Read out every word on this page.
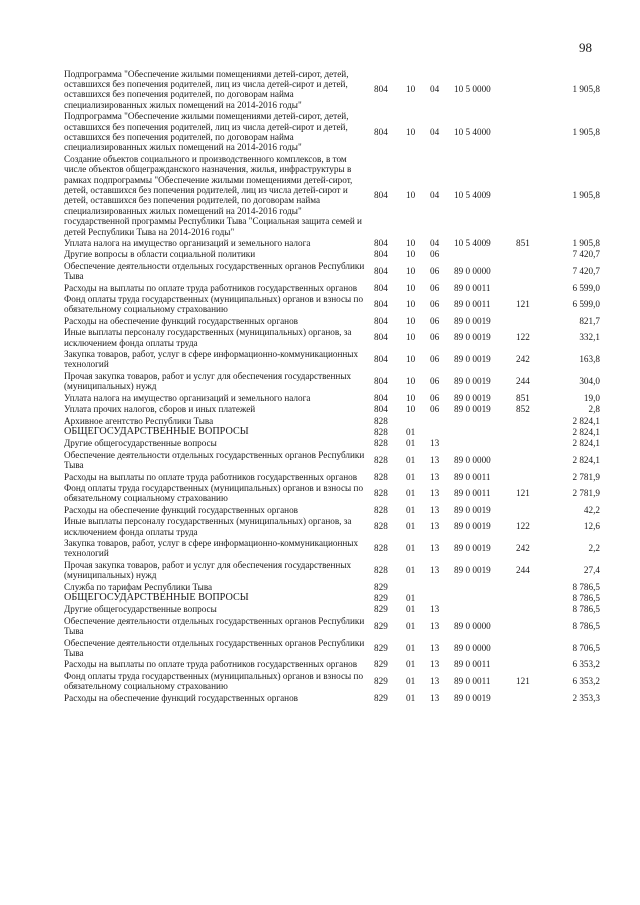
98
Подпрограмма "Обеспечение жилыми помещениями детей-сирот, детей, оставшихся без попечения родителей, лиц из числа детей-сирот и детей, оставшихся без попечения родителей, по договорам найма специализированных жилых помещений на 2014-2016 годы"	804	10	04	10 5 0000		1 905,8
Подпрограмма "Обеспечение жилыми помещениями детей-сирот, детей, оставшихся без попечения родителей, лиц из числа детей-сирот и детей, оставшихся без попечения родителей, по договорам найма специализированных жилых помещений на 2014-2016 годы"	804	10	04	10 5 4000		1 905,8
Создание объектов социального и производственного комплексов, в том числе объектов общегражданского назначения, жилья, инфраструктуры в рамках подпрограммы "Обеспечение жилыми помещениями детей-сирот, детей, оставшихся без попечения родителей, лиц из числа детей-сирот и детей, оставшихся без попечения родителей, по договорам найма специализированных жилых помещений на 2014-2016 годы" государственной программы Республики Тыва "Социальная защита семей и детей Республики Тыва на 2014-2016 годы"	804	10	04	10 5 4009		1 905,8
Уплата налога на имущество организаций и земельного налога	804	10	04	10 5 4009	851	1 905,8
Другие вопросы в области социальной политики	804	10	06			7 420,7
Обеспечение деятельности отдельных государственных органов Республики Тыва	804	10	06	89 0 0000		7 420,7
Расходы на выплаты по оплате труда работников государственных органов	804	10	06	89 0 0011		6 599,0
Фонд оплаты труда государственных (муниципальных) органов и взносы по обязательному социальному страхованию	804	10	06	89 0 0011	121	6 599,0
Расходы на обеспечение функций государственных органов	804	10	06	89 0 0019		821,7
Иные выплаты персоналу государственных (муниципальных) органов, за исключением фонда оплаты труда	804	10	06	89 0 0019	122	332,1
Закупка товаров, работ, услуг в сфере информационно-коммуникационных технологий	804	10	06	89 0 0019	242	163,8
Прочая закупка товаров, работ и услуг для обеспечения государственных (муниципальных) нужд	804	10	06	89 0 0019	244	304,0
Уплата налога на имущество организаций и земельного налога	804	10	06	89 0 0019	851	19,0
Уплата прочих налогов, сборов и иных платежей	804	10	06	89 0 0019	852	2,8
Архивное агентство Республики Тыва	828					2 824,1
ОБЩЕГОСУДАРСТВЕННЫЕ ВОПРОСЫ	828	01				2 824,1
Другие общегосударственные вопросы	828	01	13			2 824,1
Обеспечение деятельности отдельных государственных органов Республики Тыва	828	01	13	89 0 0000		2 824,1
Расходы на выплаты по оплате труда работников государственных органов	828	01	13	89 0 0011		2 781,9
Фонд оплаты труда государственных (муниципальных) органов и взносы по обязательному социальному страхованию	828	01	13	89 0 0011	121	2 781,9
Расходы на обеспечение функций государственных органов	828	01	13	89 0 0019		42,2
Иные выплаты персоналу государственных (муниципальных) органов, за исключением фонда оплаты труда	828	01	13	89 0 0019	122	12,6
Закупка товаров, работ, услуг в сфере информационно-коммуникационных технологий	828	01	13	89 0 0019	242	2,2
Прочая закупка товаров, работ и услуг для обеспечения государственных (муниципальных) нужд	828	01	13	89 0 0019	244	27,4
Служба по тарифам Республики Тыва	829					8 786,5
ОБЩЕГОСУДАРСТВЕННЫЕ ВОПРОСЫ	829	01				8 786,5
Другие общегосударственные вопросы	829	01	13			8 786,5
Обеспечение деятельности отдельных государственных органов Республики Тыва	829	01	13	89 0 0000		8 786,5
Обеспечение деятельности отдельных государственных органов Республики Тыва	829	01	13	89 0 0000		8 706,5
Расходы на выплаты по оплате труда работников государственных органов	829	01	13	89 0 0011		6 353,2
Фонд оплаты труда государственных (муниципальных) органов и взносы по обязательному социальному страхованию	829	01	13	89 0 0011	121	6 353,2
Расходы на обеспечение функций государственных органов	829	01	13	89 0 0019		2 353,3
